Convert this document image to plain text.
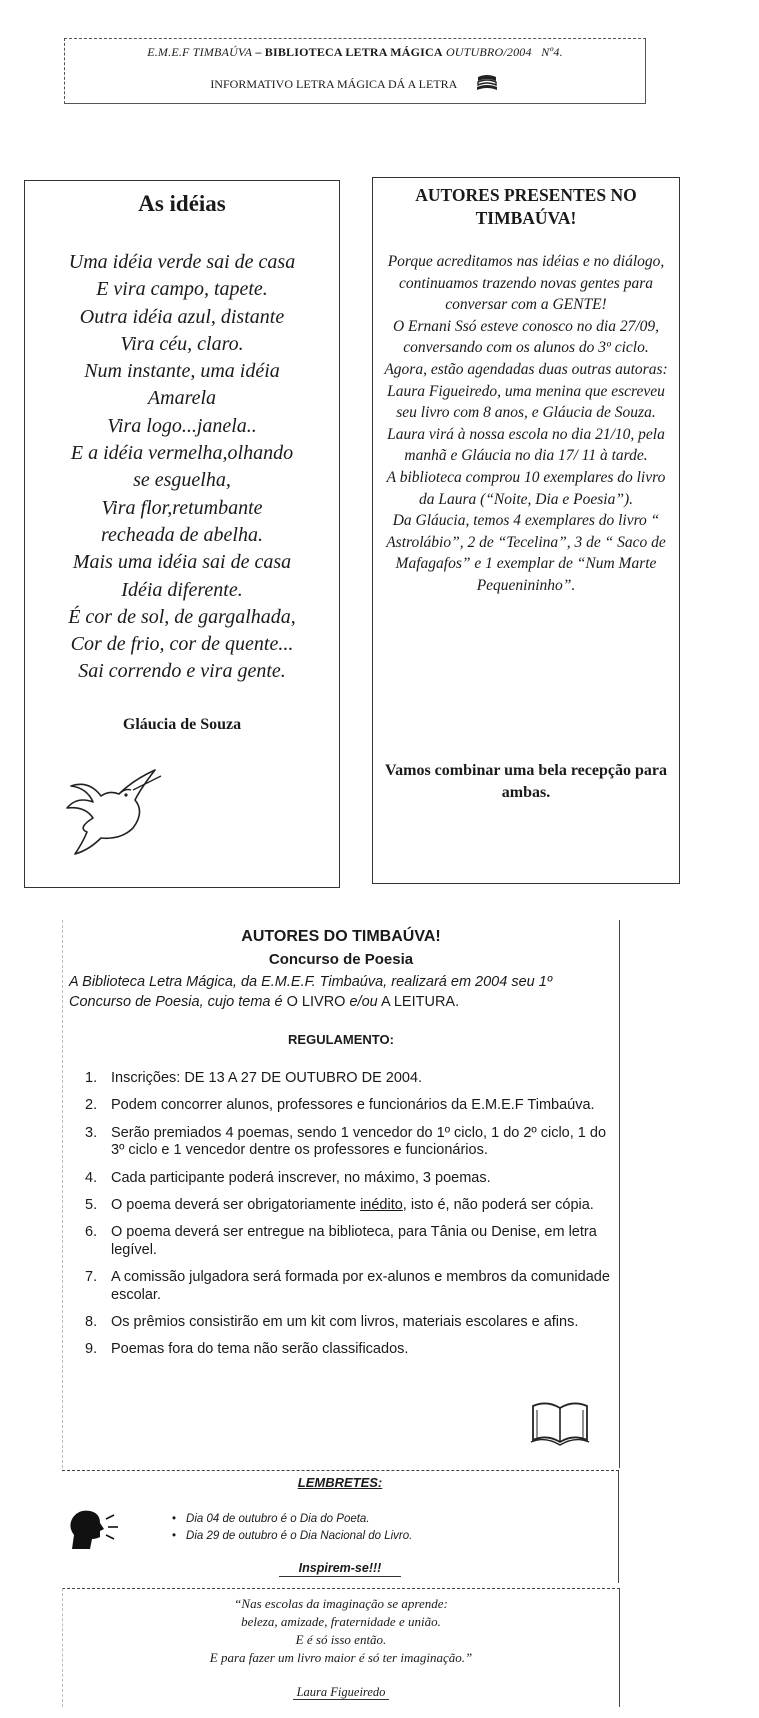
E.M.E.F TIMBAÚVA – BIBLIOTECA LETRA MÁGICA OUTUBRO/2004 Nº4.
INFORMATIVO LETRA MÁGICA DÁ A LETRA
As idéias
Uma idéia verde sai de casa
E vira campo, tapete.
Outra idéia azul, distante
Vira céu, claro.
Num instante, uma idéia
Amarela
Vira logo...janela..
E a idéia vermelha,olhando
se esguelha,
Vira flor,retumbante
recheada de abelha.
Mais uma idéia sai de casa
Idéia diferente.
É cor de sol, de gargalhada,
Cor de frio, cor de quente...
Sai correndo e vira gente.
Gláucia de Souza
AUTORES PRESENTES NO TIMBAÚVA!
Porque acreditamos nas idéias e no diálogo, continuamos trazendo novas gentes para conversar com a GENTE!
O Ernani Ssó esteve conosco no dia 27/09, conversando com os alunos do 3º ciclo.
Agora, estão agendadas duas outras autoras: Laura Figueiredo, uma menina que escreveu seu livro com 8 anos, e Gláucia de Souza.
Laura virá à nossa escola no dia 21/10, pela manhã e Gláucia no dia 17/ 11 à tarde.
A biblioteca comprou 10 exemplares do livro da Laura (“Noite, Dia e Poesia”).
Da Gláucia, temos 4 exemplares do livro “ Astrolábio”, 2 de “Tecelina”, 3 de “ Saco de Mafagafos” e 1 exemplar de “Num Marte Pequenininho”.
Vamos combinar uma bela recepção para ambas.
AUTORES DO TIMBAÚVA!
Concurso de Poesia
A Biblioteca Letra Mágica, da E.M.E.F. Timbaúva, realizará em 2004 seu 1º Concurso de Poesia, cujo tema é O LIVRO e/ou A LEITURA.
REGULAMENTO:
1. Inscrições: DE 13 A 27 DE OUTUBRO DE 2004.
2. Podem concorrer alunos, professores e funcionários da E.M.E.F Timbaúva.
3. Serão premiados 4 poemas, sendo 1 vencedor do 1º ciclo, 1 do 2º ciclo, 1 do 3º ciclo e 1 vencedor dentre os professores e funcionários.
4. Cada participante poderá inscrever, no máximo, 3 poemas.
5. O poema deverá ser obrigatoriamente inédito, isto é, não poderá ser cópia.
6. O poema deverá ser entregue na biblioteca, para Tânia ou Denise, em letra legível.
7. A comissão julgadora será formada por ex-alunos e membros da comunidade escolar.
8. Os prêmios consistirão em um kit com livros, materiais escolares e afins.
9. Poemas fora do tema não serão classificados.
LEMBRETES:
• Dia 04 de outubro é o Dia do Poeta.
• Dia 29 de outubro é o Dia Nacional do Livro.
Inspirem-se!!!
“Nas escolas da imaginação se aprende:
beleza, amizade, fraternidade e união.
E é só isso então.
E para fazer um livro maior é só ter imaginação.”
Laura Figueiredo
